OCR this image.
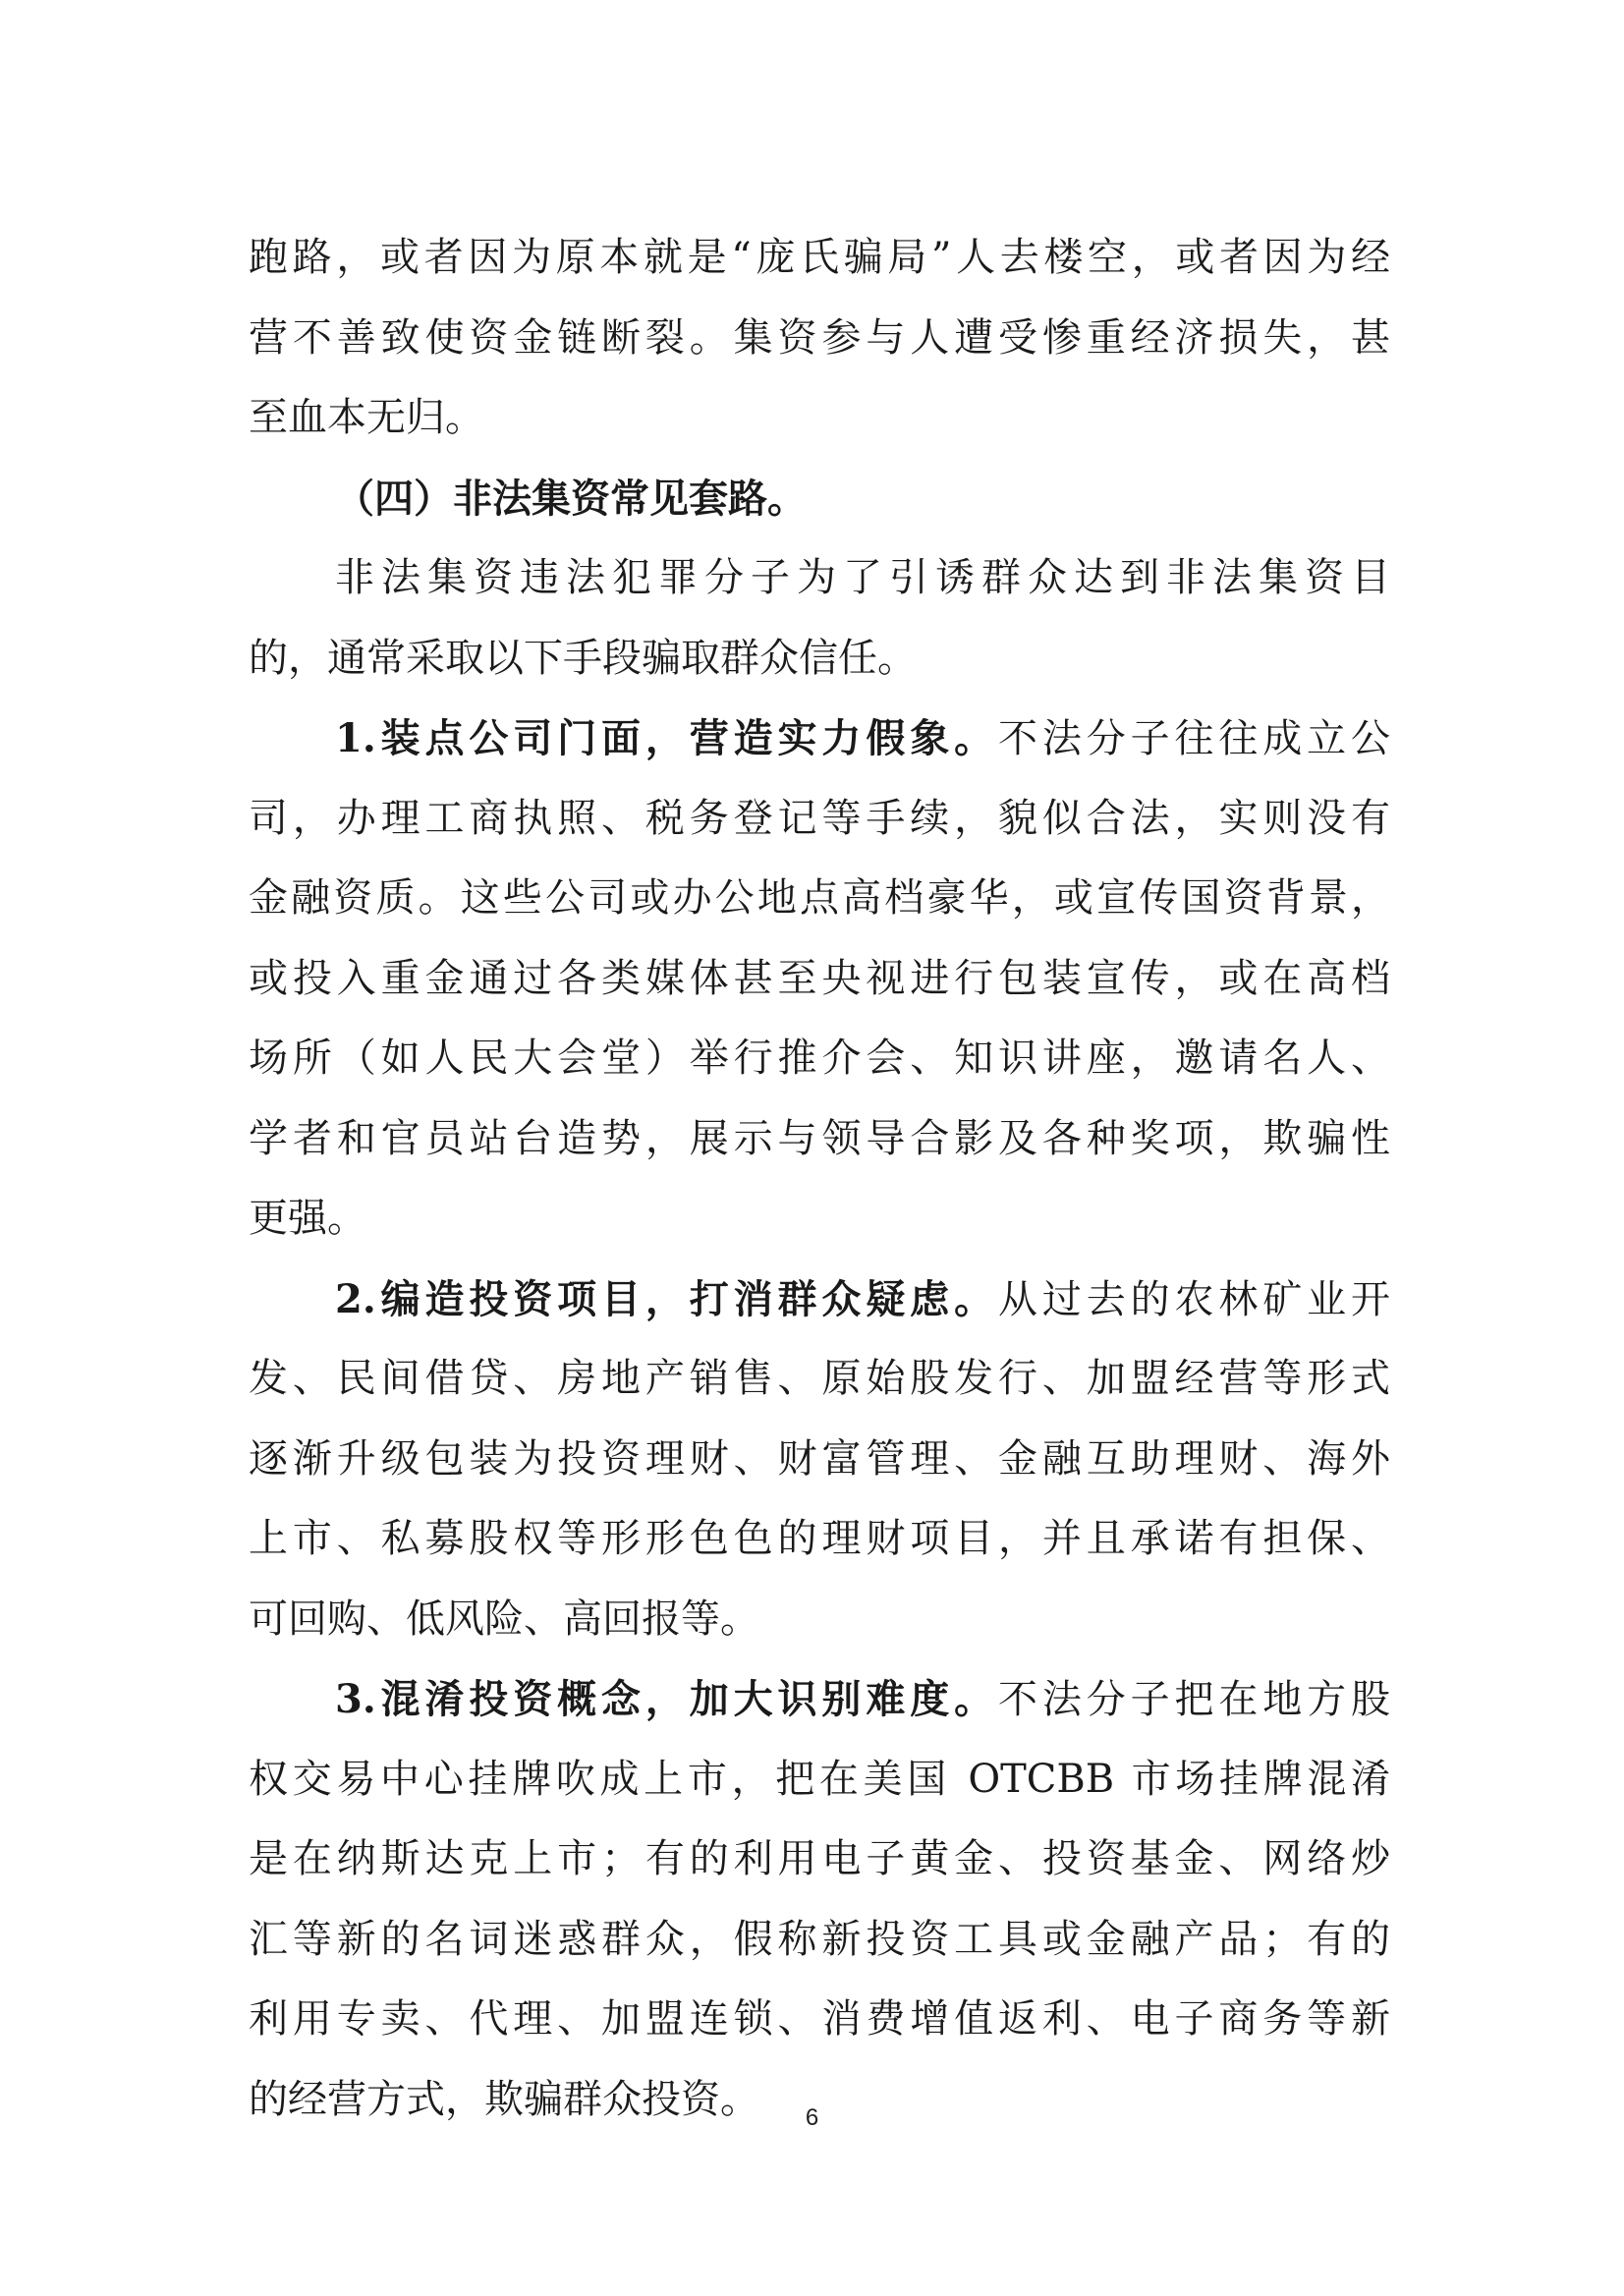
跑路，或者因为原本就是“庞氏骗局”人去楼空，或者因为经
营不善致使资金链断裂。集资参与人遭受惨重经济损失，甚
至血本无归。
（四）非法集资常见套路。
非法集资违法犯罪分子为了引诱群众达到非法集资目
的，通常采取以下手段骗取群众信任。
1.装点公司门面，营造实力假象。不法分子往往成立公
司，办理工商执照、税务登记等手续，貌似合法，实则没有
金融资质。这些公司或办公地点高档豪华，或宣传国资背景，
或投入重金通过各类媒体甚至央视进行包装宣传，或在高档
场所（如人民大会堂）举行推介会、知识讲座，邀请名人、
学者和官员站台造势，展示与领导合影及各种奖项，欺骗性
更强。
2.编造投资项目，打消群众疑虑。从过去的农林矿业开
发、民间借贷、房地产销售、原始股发行、加盟经营等形式
逐渐升级包装为投资理财、财富管理、金融互助理财、海外
上市、私募股权等形形色色的理财项目，并且承诺有担保、
可回购、低风险、高回报等。
3.混淆投资概念，加大识别难度。不法分子把在地方股
权交易中心挂牌吹成上市，把在美国 OTCBB 市场挂牌混淆
是在纳斯达克上市；有的利用电子黄金、投资基金、网络炒
汇等新的名词迷惑群众，假称新投资工具或金融产品；有的
利用专卖、代理、加盟连锁、消费增值返利、电子商务等新
的经营方式，欺骗群众投资。	6
